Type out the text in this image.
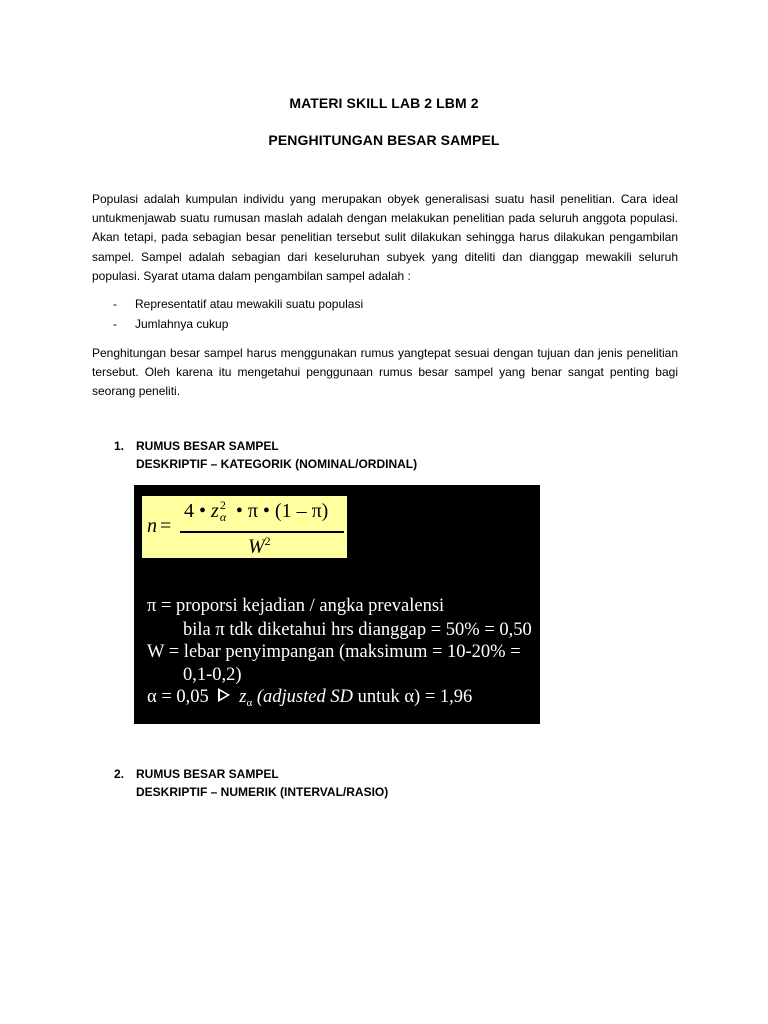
MATERI SKILL LAB 2 LBM 2
PENGHITUNGAN BESAR SAMPEL
Populasi adalah kumpulan individu yang merupakan obyek generalisasi suatu hasil penelitian. Cara ideal untukmenjawab suatu rumusan maslah adalah dengan melakukan penelitian pada seluruh anggota populasi. Akan tetapi, pada sebagian besar penelitian tersebut sulit dilakukan sehingga harus dilakukan pengambilan sampel. Sampel adalah sebagian dari keseluruhan subyek yang diteliti dan dianggap mewakili seluruh populasi. Syarat utama dalam pengambilan sampel adalah :
- Representatif atau mewakili suatu populasi
- Jumlahnya cukup
Penghitungan besar sampel harus menggunakan rumus yangtepat sesuai dengan tujuan dan jenis penelitian tersebut. Oleh karena itu mengetahui penggunaan rumus besar sampel yang benar sangat penting bagi seorang peneliti.
1. RUMUS BESAR SAMPEL
DESKRIPTIF – KATEGORIK (NOMINAL/ORDINAL)
n =
4 • z 2
α • π • (1 – π)
$W^2$
π = proporsi kejadian / angka prevalensi
bila π tdk diketahui hrs dianggap = 50% = 0,50
W = lebar penyimpangan (maksimum = 10-20% =
0,1-0,2)
α = 0,05 $z_\alpha$ (adjusted SD untuk α) = 1,96
2. RUMUS BESAR SAMPEL
DESKRIPTIF – NUMERIK (INTERVAL/RASIO)
